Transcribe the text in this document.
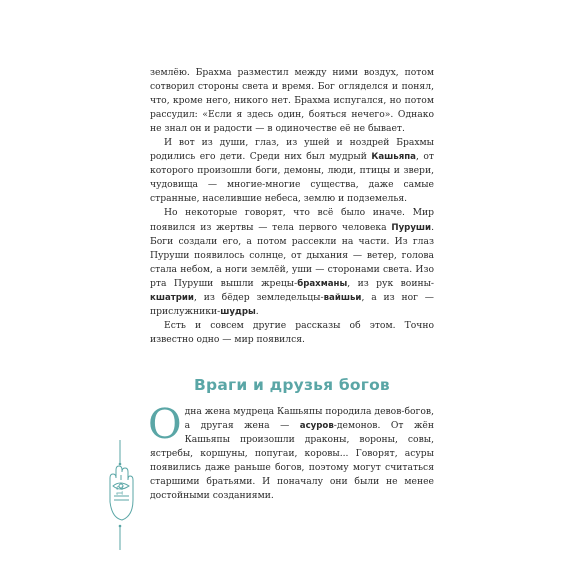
землёю. Брахма разместил между ними воздух, потом сотворил стороны света и время. Бог огляделся и понял, что, кроме него, никого нет. Брахма испугался, но потом рассудил: «Если я здесь один, бояться нечего». Однако не знал он и радости — в одиночестве её не бывает.

И вот из души, глаз, из ушей и ноздрей Брахмы родились его дети. Среди них был мудрый Кашьяпа, от которого произошли боги, демоны, люди, птицы и звери, чудовища — многие-многие существа, даже самые странные, населившие небеса, землю и подземелья.

Но некоторые говорят, что всё было иначе. Мир появился из жертвы — тела первого человека Пуруши. Боги создали его, а потом рассекли на части. Из глаз Пуруши появилось солнце, от дыхания — ветер, голова стала небом, а ноги землёй, уши — сторонами света. Изо рта Пуруши вышли жрецы-брахманы, из рук воины-кшатрии, из бёдер земледельцы-вайшьи, а из ног — прислужники-шудры.

Есть и совсем другие рассказы об этом. Точно известно одно — мир появился.

Враги и друзья богов
О дна жена мудреца Кашьяпы породила девов-богов, а другая жена — асуров-демонов. От жён Кашьяпы произошли драконы, вороны, совы, ястребы, коршуны, попугаи, коровы... Говорят, асуры появились даже раньше богов, поэтому могут считаться старшими братьями. И поначалу они были не менее достойными созданиями.

12
